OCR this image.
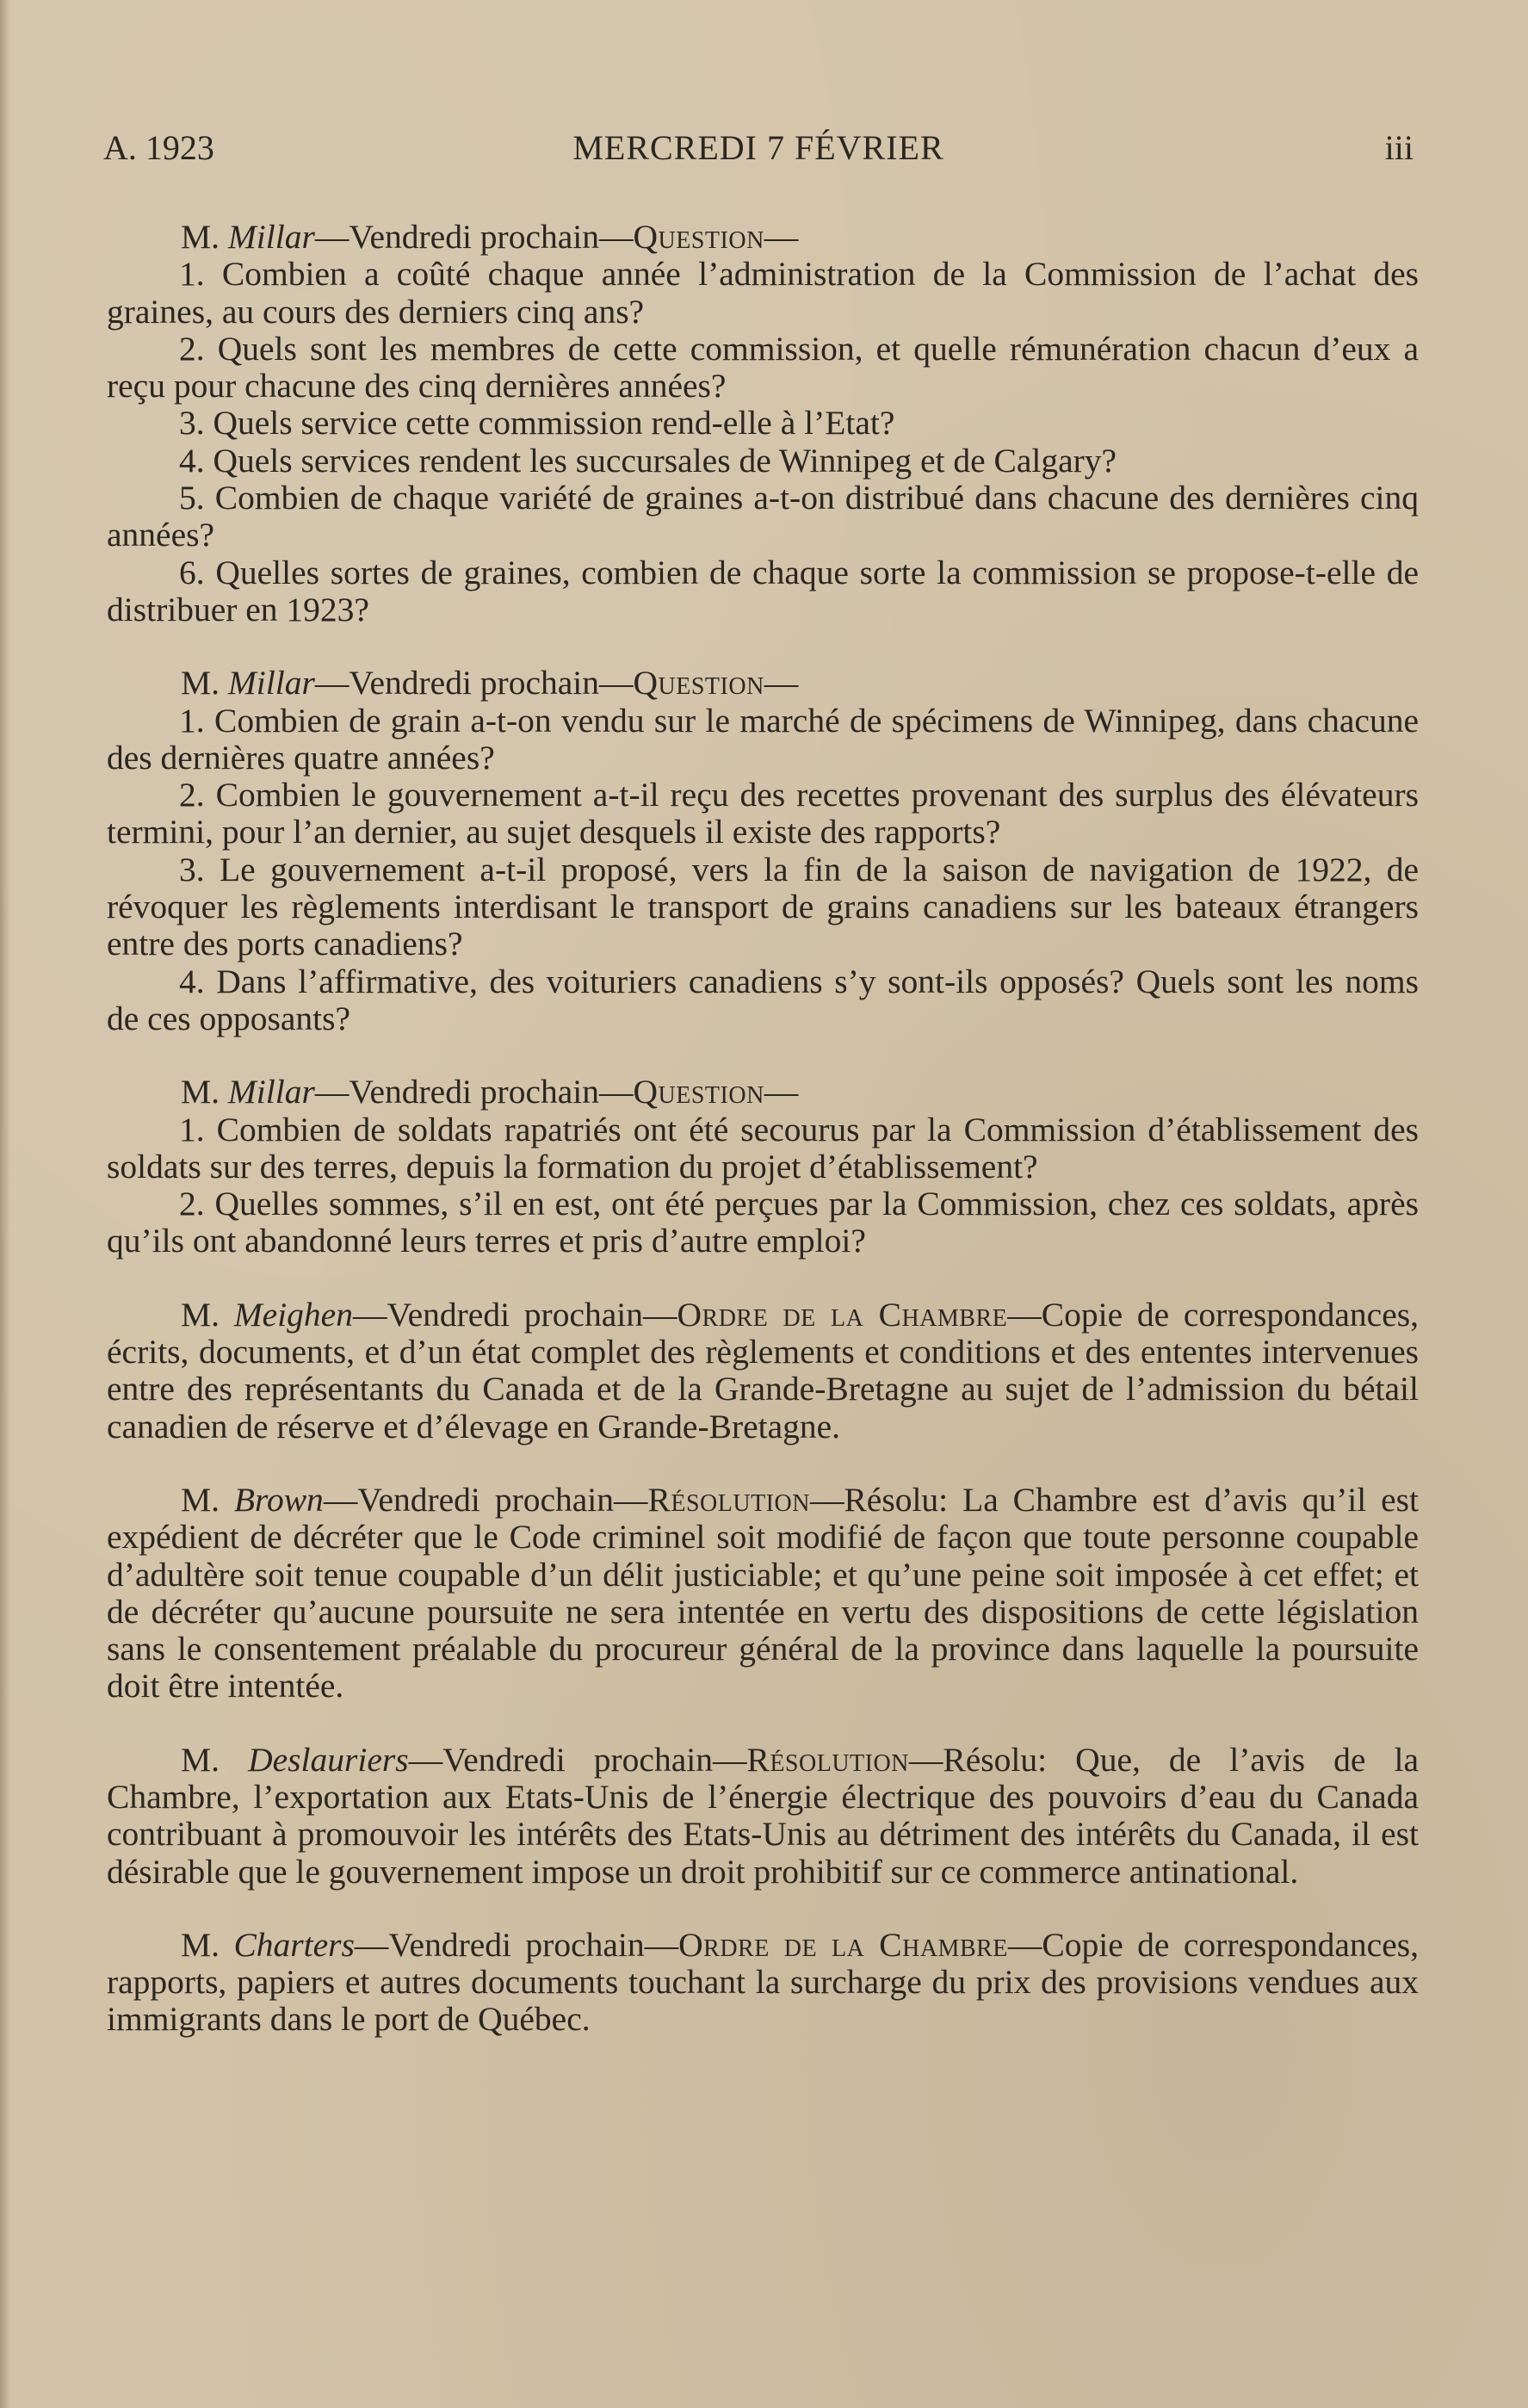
A. 1923	MERCREDI 7 FÉVRIER	iii

M. Millar—Vendredi prochain—Question—

1. Combien a coûté chaque année l’administration de la Commission de l’achat des graines, au cours des derniers cinq ans?

2. Quels sont les membres de cette commission, et quelle rémunération chacun d’eux a reçu pour chacune des cinq dernières années?

3. Quels service cette commission rend-elle à l’Etat?

4. Quels services rendent les succursales de Winnipeg et de Calgary?

5. Combien de chaque variété de graines a-t-on distribué dans chacune des dernières cinq années?

6. Quelles sortes de graines, combien de chaque sorte la commission se propose-t-elle de distribuer en 1923?

M. Millar—Vendredi prochain—Question—

1. Combien de grain a-t-on vendu sur le marché de spécimens de Winnipeg, dans chacune des dernières quatre années?

2. Combien le gouvernement a-t-il reçu des recettes provenant des surplus des élévateurs termini, pour l’an dernier, au sujet desquels il existe des rapports?

3. Le gouvernement a-t-il proposé, vers la fin de la saison de navigation de 1922, de révoquer les règlements interdisant le transport de grains canadiens sur les bateaux étrangers entre des ports canadiens?

4. Dans l’affirmative, des voituriers canadiens s’y sont-ils opposés? Quels sont les noms de ces opposants?

M. Millar—Vendredi prochain—Question—

1. Combien de soldats rapatriés ont été secourus par la Commission d’établissement des soldats sur des terres, depuis la formation du projet d’établissement?

2. Quelles sommes, s’il en est, ont été perçues par la Commission, chez ces soldats, après qu’ils ont abandonné leurs terres et pris d’autre emploi?

M. Meighen—Vendredi prochain—Ordre de la Chambre—Copie de correspondances, écrits, documents, et d’un état complet des règlements et conditions et des ententes intervenues entre des représentants du Canada et de la Grande-Bretagne au sujet de l’admission du bétail canadien de réserve et d’élevage en Grande-Bretagne.

M. Brown—Vendredi prochain—Résolution—Résolu: La Chambre est d’avis qu’il est expédient de décréter que le Code criminel soit modifié de façon que toute personne coupable d’adultère soit tenue coupable d’un délit justiciable; et qu’une peine soit imposée à cet effet; et de décréter qu’aucune poursuite ne sera intentée en vertu des dispositions de cette législation sans le consentement préalable du procureur général de la province dans laquelle la poursuite doit être intentée.

M. Deslauriers—Vendredi prochain—Résolution—Résolu: Que, de l’avis de la Chambre, l’exportation aux Etats-Unis de l’énergie électrique des pouvoirs d’eau du Canada contribuant à promouvoir les intérêts des Etats-Unis au détriment des intérêts du Canada, il est désirable que le gouvernement impose un droit prohibitif sur ce commerce antinational.

M. Charters—Vendredi prochain—Ordre de la Chambre—Copie de correspondances, rapports, papiers et autres documents touchant la surcharge du prix des provisions vendues aux immigrants dans le port de Québec.
